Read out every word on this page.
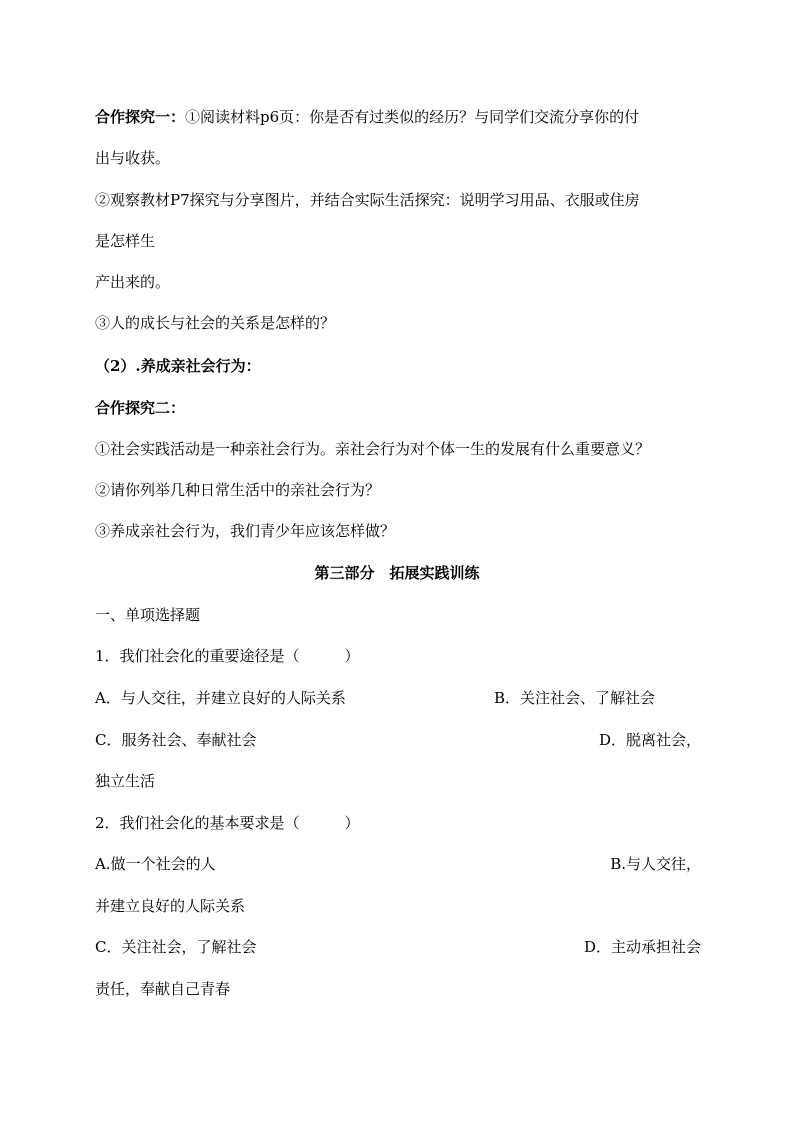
合作探究一：①阅读材料p6页：你是否有过类似的经历？与同学们交流分享你的付
出与收获。
②观察教材P7探究与分享图片，并结合实际生活探究：说明学习用品、衣服或住房
是怎样生
产出来的。
③人的成长与社会的关系是怎样的？
（2）.养成亲社会行为：
合作探究二：
①社会实践活动是一种亲社会行为。亲社会行为对个体一生的发展有什么重要意义？
②请你列举几种日常生活中的亲社会行为？
③养成亲社会行为，我们青少年应该怎样做？
第三部分　拓展实践训练
一、单项选择题
1．我们社会化的重要途径是（　　　）
A．与人交往，并建立良好的人际关系	B．关注社会、了解社会
C．服务社会、奉献社会	D．脱离社会，
独立生活
2．我们社会化的基本要求是（　　　）
A.做一个社会的人	B.与人交往，
并建立良好的人际关系
C．关注社会，了解社会	D．主动承担社会
责任，奉献自己青春
